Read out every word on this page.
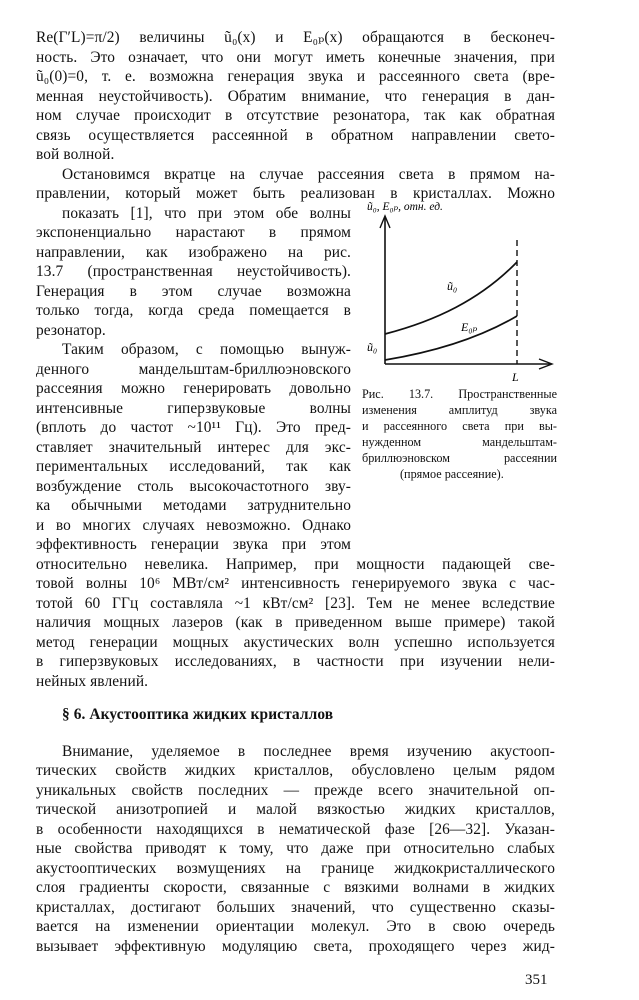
Re(Γ′L)=π/2) величины ũ₀(x) и E₀ₚ(x) обращаются в бесконеч-
ность. Это означает, что они могут иметь конечные значения, при
ũ₀(0)=0, т. е. возможна генерация звука и рассеянного света (вре-
менная неустойчивость). Обратим внимание, что генерация в дан-
ном случае происходит в отсутствие резонатора, так как обратная
связь осуществляется рассеянной в обратном направлении свето-
вой волной.
Остановимся вкратце на случае рассеяния света в прямом на-
правлении, который может быть реализован в кристаллах. Можно
показать [1], что при этом обе волны
экспоненциально нарастают в прямом
направлении, как изображено на рис.
13.7 (пространственная неустойчивость).
Генерация в этом случае возможна
только тогда, когда среда помещается в
резонатор.
Таким образом, с помощью вынуж-
денного мандельштам-бриллюэновского
рассеяния можно генерировать довольно
интенсивные гиперзвуковые волны
(вплоть до частот ~10¹¹ Гц). Это пред-
ставляет значительный интерес для экс-
периментальных исследований, так как
возбуждение столь высокочастотного зву-
ка обычными методами затруднительно
и во многих случаях невозможно. Однако
эффективность генерации звука при этом
ũ₀, E₀ₚ, отн. ед.
ũ₀
E₀ₚ
ũ₀
L
Рис. 13.7. Пространственные
изменения амплитуд звука
и рассеянного света при вы-
нужденном мандельштам-
бриллюэновском рассеянии
(прямое рассеяние).
относительно невелика. Например, при мощности падающей све-
товой волны 10⁶ МВт/см² интенсивность генерируемого звука с час-
тотой 60 ГГц составляла ~1 кВт/см² [23]. Тем не менее вследствие
наличия мощных лазеров (как в приведенном выше примере) такой
метод генерации мощных акустических волн успешно используется
в гиперзвуковых исследованиях, в частности при изучении нели-
нейных явлений.
§ 6. Акустооптика жидких кристаллов
Внимание, уделяемое в последнее время изучению акустооп-
тических свойств жидких кристаллов, обусловлено целым рядом
уникальных свойств последних — прежде всего значительной оп-
тической анизотропией и малой вязкостью жидких кристаллов,
в особенности находящихся в нематической фазе [26—32]. Указан-
ные свойства приводят к тому, что даже при относительно слабых
акустооптических возмущениях на границе жидкокристаллического
слоя градиенты скорости, связанные с вязкими волнами в жидких
кристаллах, достигают больших значений, что существенно сказы-
вается на изменении ориентации молекул. Это в свою очередь
вызывает эффективную модуляцию света, проходящего через жид-
351
